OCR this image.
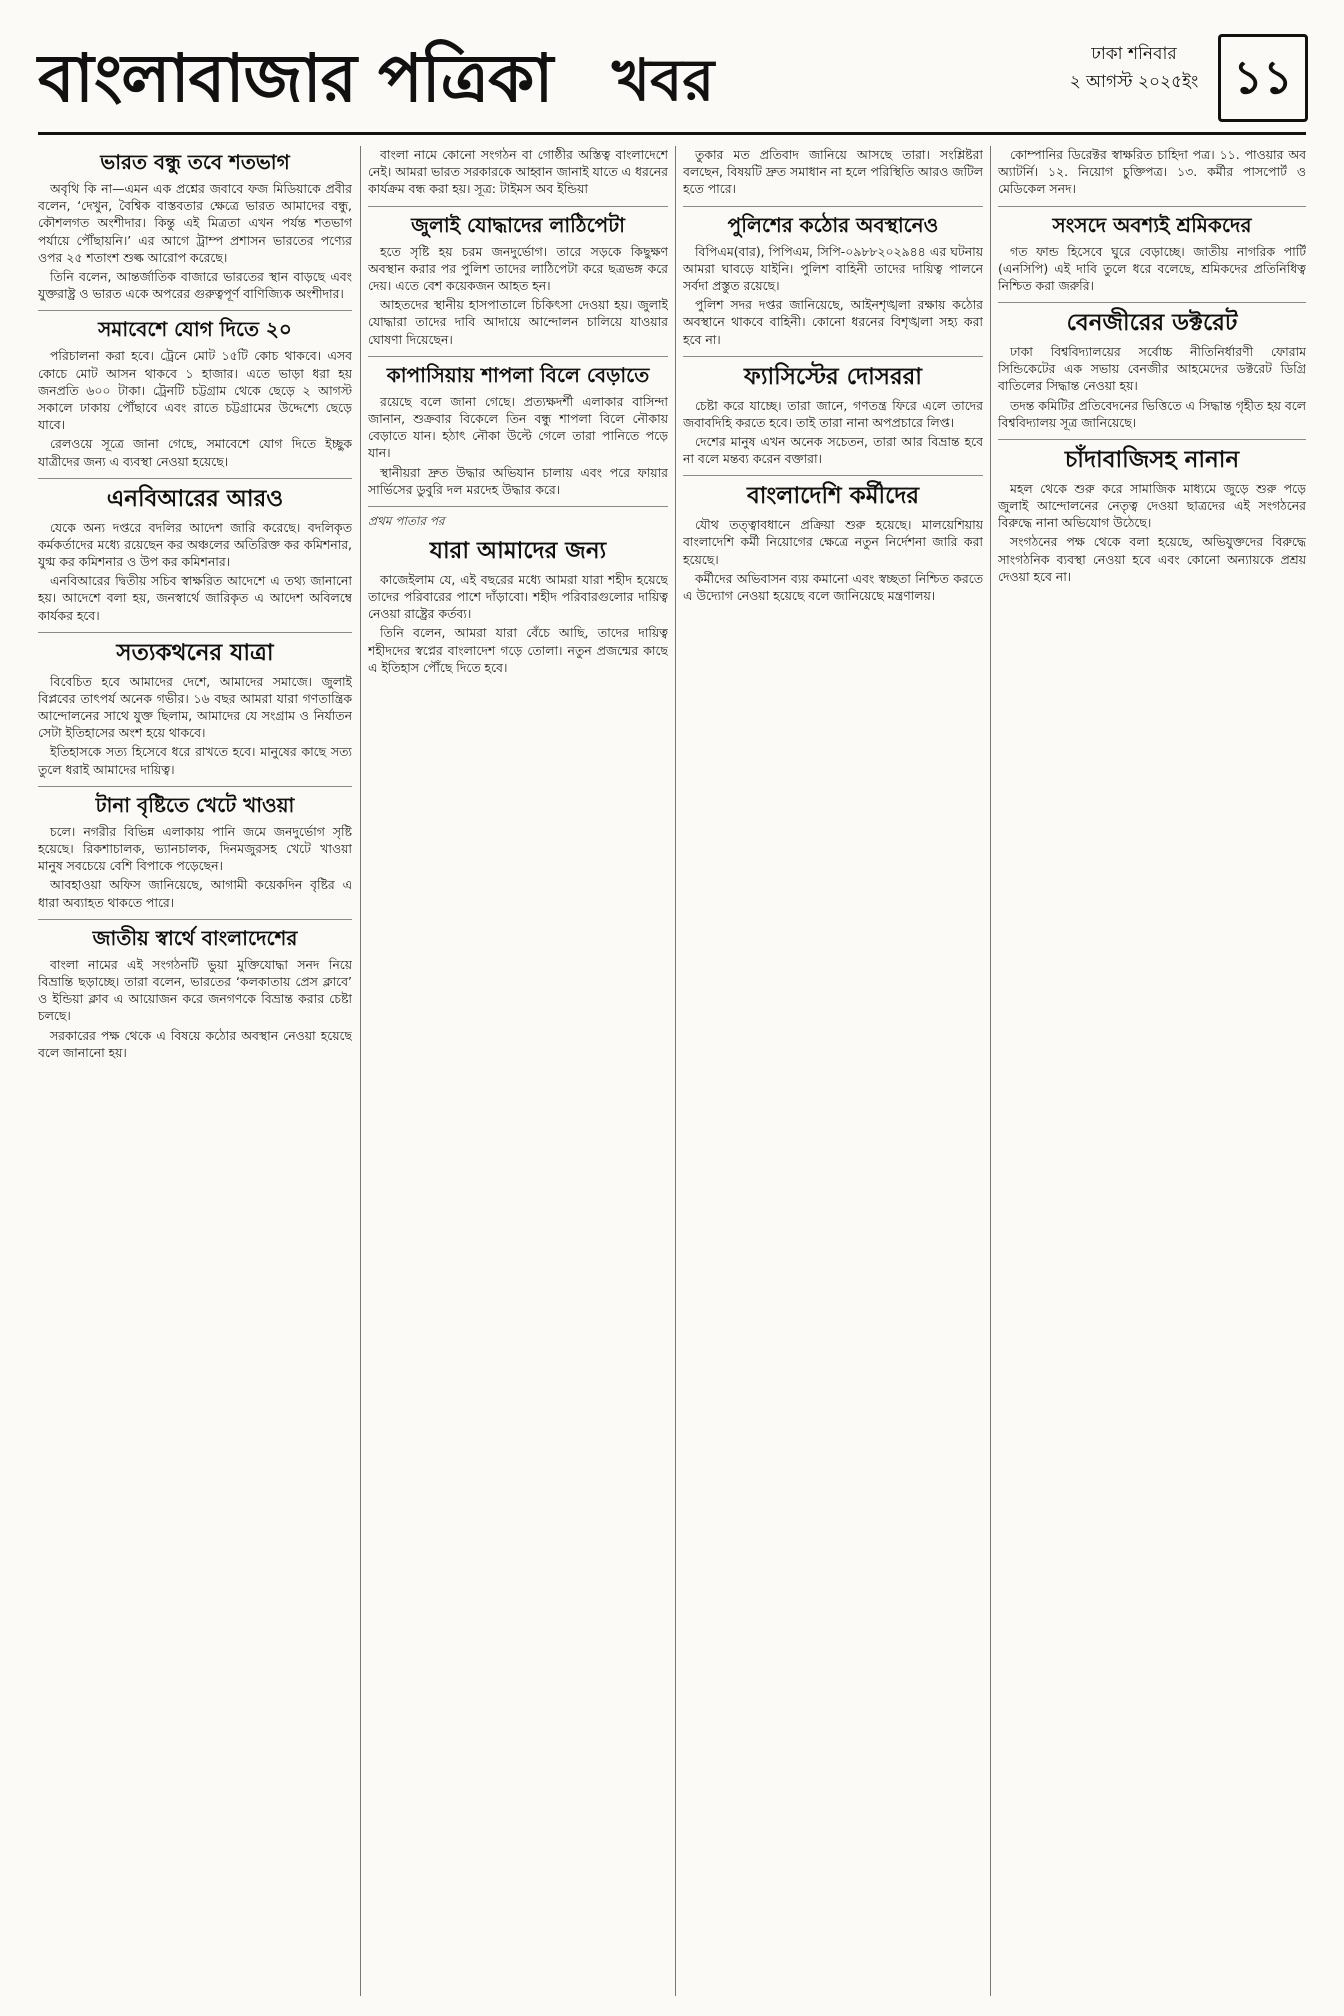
বাংলাবাজার পত্রিকা খবর	ঢাকা শনিবার
২ আগস্ট ২০২৫ইং ১১
ভারত বন্ধু তবে শতভাগ

অবৃথি কি না—এমন এক প্রশ্নের জবাবে ফজ মিডিয়াকে প্রবীর বলেন, ‘দেখুন, বৈশ্বিক বাস্তবতার ক্ষেত্রে ভারত আমাদের বন্ধু, কৌশলগত অংশীদার। কিন্তু এই মিত্রতা এখন পর্যন্ত শতভাগ পর্যায়ে পৌঁছায়নি।’ এর আগে ট্রাম্প প্রশাসন ভারতের পণ্যের ওপর ২৫ শতাংশ শুল্ক আরোপ করেছে।

তিনি বলেন, আন্তর্জাতিক বাজারে ভারতের স্থান বাড়ছে এবং যুক্তরাষ্ট্র ও ভারত একে অপরের গুরুত্বপূর্ণ বাণিজ্যিক অংশীদার।

সমাবেশে যোগ দিতে ২০

পরিচালনা করা হবে। ট্রেনে মোট ১৫টি কোচ থাকবে। এসব কোচে মোট আসন থাকবে ১ হাজার। এতে ভাড়া ধরা হয় জনপ্রতি ৬০০ টাকা। ট্রেনটি চট্টগ্রাম থেকে ছেড়ে ২ আগস্ট সকালে ঢাকায় পৌঁছাবে এবং রাতে চট্টগ্রামের উদ্দেশ্যে ছেড়ে যাবে।

রেলওয়ে সূত্রে জানা গেছে, সমাবেশে যোগ দিতে ইচ্ছুক যাত্রীদের জন্য এ ব্যবস্থা নেওয়া হয়েছে।

এনবিআরের আরও

যেকে অন্য দপ্তরে বদলির আদেশ জারি করেছে। বদলিকৃত কর্মকর্তাদের মধ্যে রয়েছেন কর অঞ্চলের অতিরিক্ত কর কমিশনার, যুগ্ম কর কমিশনার ও উপ কর কমিশনার।

এনবিআরের দ্বিতীয় সচিব স্বাক্ষরিত আদেশে এ তথ্য জানানো হয়। আদেশে বলা হয়, জনস্বার্থে জারিকৃত এ আদেশ অবিলম্বে কার্যকর হবে।

সত্যকথনের যাত্রা

বিবেচিত হবে আমাদের দেশে, আমাদের সমাজে। জুলাই বিপ্লবের তাৎপর্য অনেক গভীর। ১৬ বছর আমরা যারা গণতান্ত্রিক আন্দোলনের সাথে যুক্ত ছিলাম, আমাদের যে সংগ্রাম ও নির্যাতন সেটা ইতিহাসের অংশ হয়ে থাকবে।

ইতিহাসকে সত্য হিসেবে ধরে রাখতে হবে। মানুষের কাছে সত্য তুলে ধরাই আমাদের দায়িত্ব।

টানা বৃষ্টিতে খেটে খাওয়া

চলে। নগরীর বিভিন্ন এলাকায় পানি জমে জনদুর্ভোগ সৃষ্টি হয়েছে। রিকশাচালক, ভ্যানচালক, দিনমজুরসহ খেটে খাওয়া মানুষ সবচেয়ে বেশি বিপাকে পড়েছেন।

আবহাওয়া অফিস জানিয়েছে, আগামী কয়েকদিন বৃষ্টির এ ধারা অব্যাহত থাকতে পারে।

জাতীয় স্বার্থে বাংলাদেশের

বাংলা নামের এই সংগঠনটি ভুয়া মুক্তিযোদ্ধা সনদ নিয়ে বিভ্রান্তি ছড়াচ্ছে। তারা বলেন, ভারতের ‘কলকাতায় প্রেস ক্লাবে’ ও ইন্ডিয়া ক্লাব এ আয়োজন করে জনগণকে বিভ্রান্ত করার চেষ্টা চলছে।

সরকারের পক্ষ থেকে এ বিষয়ে কঠোর অবস্থান নেওয়া হয়েছে বলে জানানো হয়।

বাংলা নামে কোনো সংগঠন বা গোষ্ঠীর অস্তিত্ব বাংলাদেশে নেই। আমরা ভারত সরকারকে আহ্বান জানাই যাতে এ ধরনের কার্যক্রম বন্ধ করা হয়। সূত্র: টাইমস অব ইন্ডিয়া

জুলাই যোদ্ধাদের লাঠিপেটা

হতে সৃষ্টি হয় চরম জনদুর্ভোগ। তারে সড়কে কিছুক্ষণ অবস্থান করার পর পুলিশ তাদের লাঠিপেটা করে ছত্রভঙ্গ করে দেয়। এতে বেশ কয়েকজন আহত হন।

আহতদের স্থানীয় হাসপাতালে চিকিৎসা দেওয়া হয়। জুলাই যোদ্ধারা তাদের দাবি আদায়ে আন্দোলন চালিয়ে যাওয়ার ঘোষণা দিয়েছেন।

কাপাসিয়ায় শাপলা বিলে বেড়াতে

রয়েছে বলে জানা গেছে। প্রত্যক্ষদর্শী এলাকার বাসিন্দা জানান, শুক্রবার বিকেলে তিন বন্ধু শাপলা বিলে নৌকায় বেড়াতে যান। হঠাৎ নৌকা উল্টে গেলে তারা পানিতে পড়ে যান।

স্থানীয়রা দ্রুত উদ্ধার অভিযান চালায় এবং পরে ফায়ার সার্ভিসের ডুবুরি দল মরদেহ উদ্ধার করে।

প্রথম পাতার পর
যারা আমাদের জন্য

কাজেইলাম যে, এই বছরের মধ্যে আমরা যারা শহীদ হয়েছে তাদের পরিবারের পাশে দাঁড়াবো। শহীদ পরিবারগুলোর দায়িত্ব নেওয়া রাষ্ট্রের কর্তব্য।

তিনি বলেন, আমরা যারা বেঁচে আছি, তাদের দায়িত্ব শহীদদের স্বপ্নের বাংলাদেশ গড়ে তোলা। নতুন প্রজন্মের কাছে এ ইতিহাস পৌঁছে দিতে হবে।

তুকার মত প্রতিবাদ জানিয়ে আসছে তারা। সংশ্লিষ্টরা বলছেন, বিষয়টি দ্রুত সমাধান না হলে পরিস্থিতি আরও জটিল হতে পারে।

পুলিশের কঠোর অবস্থানেও

বিপিএম(বার), পিপিএম, সিপি-০৯৮৮২০২৯৪৪ এর ঘটনায় আমরা ঘাবড়ে যাইনি। পুলিশ বাহিনী তাদের দায়িত্ব পালনে সর্বদা প্রস্তুত রয়েছে।

পুলিশ সদর দপ্তর জানিয়েছে, আইনশৃঙ্খলা রক্ষায় কঠোর অবস্থানে থাকবে বাহিনী। কোনো ধরনের বিশৃঙ্খলা সহ্য করা হবে না।

ফ্যাসিস্টের দোসররা

চেষ্টা করে যাচ্ছে। তারা জানে, গণতন্ত্র ফিরে এলে তাদের জবাবদিহি করতে হবে। তাই তারা নানা অপপ্রচারে লিপ্ত।

দেশের মানুষ এখন অনেক সচেতন, তারা আর বিভ্রান্ত হবে না বলে মন্তব্য করেন বক্তারা।

বাংলাদেশি কর্মীদের

যৌথ তত্ত্বাবধানে প্রক্রিয়া শুরু হয়েছে। মালয়েশিয়ায় বাংলাদেশি কর্মী নিয়োগের ক্ষেত্রে নতুন নির্দেশনা জারি করা হয়েছে।

কর্মীদের অভিবাসন ব্যয় কমানো এবং স্বচ্ছতা নিশ্চিত করতে এ উদ্যোগ নেওয়া হয়েছে বলে জানিয়েছে মন্ত্রণালয়।

কোম্পানির ডিরেক্টর স্বাক্ষরিত চাহিদা পত্র। ১১. পাওয়ার অব অ্যাটর্নি। ১২. নিয়োগ চুক্তিপত্র। ১৩. কর্মীর পাসপোর্ট ও মেডিকেল সনদ।

সংসদে অবশ্যই শ্রমিকদের

গত ফান্ড হিসেবে ঘুরে বেড়াচ্ছে। জাতীয় নাগরিক পার্টি (এনসিপি) এই দাবি তুলে ধরে বলেছে, শ্রমিকদের প্রতিনিধিত্ব নিশ্চিত করা জরুরি।

বেনজীরের ডক্টরেট

ঢাকা বিশ্ববিদ্যালয়ের সর্বোচ্চ নীতিনির্ধারণী ফোরাম সিন্ডিকেটের এক সভায় বেনজীর আহমেদের ডক্টরেট ডিগ্রি বাতিলের সিদ্ধান্ত নেওয়া হয়।

তদন্ত কমিটির প্রতিবেদনের ভিত্তিতে এ সিদ্ধান্ত গৃহীত হয় বলে বিশ্ববিদ্যালয় সূত্র জানিয়েছে।

চাঁদাবাজিসহ নানান

মহল থেকে শুরু করে সামাজিক মাধ্যমে জুড়ে শুরু পড়ে জুলাই আন্দোলনের নেতৃত্ব দেওয়া ছাত্রদের এই সংগঠনের বিরুদ্ধে নানা অভিযোগ উঠেছে।

সংগঠনের পক্ষ থেকে বলা হয়েছে, অভিযুক্তদের বিরুদ্ধে সাংগঠনিক ব্যবস্থা নেওয়া হবে এবং কোনো অন্যায়কে প্রশ্রয় দেওয়া হবে না।
